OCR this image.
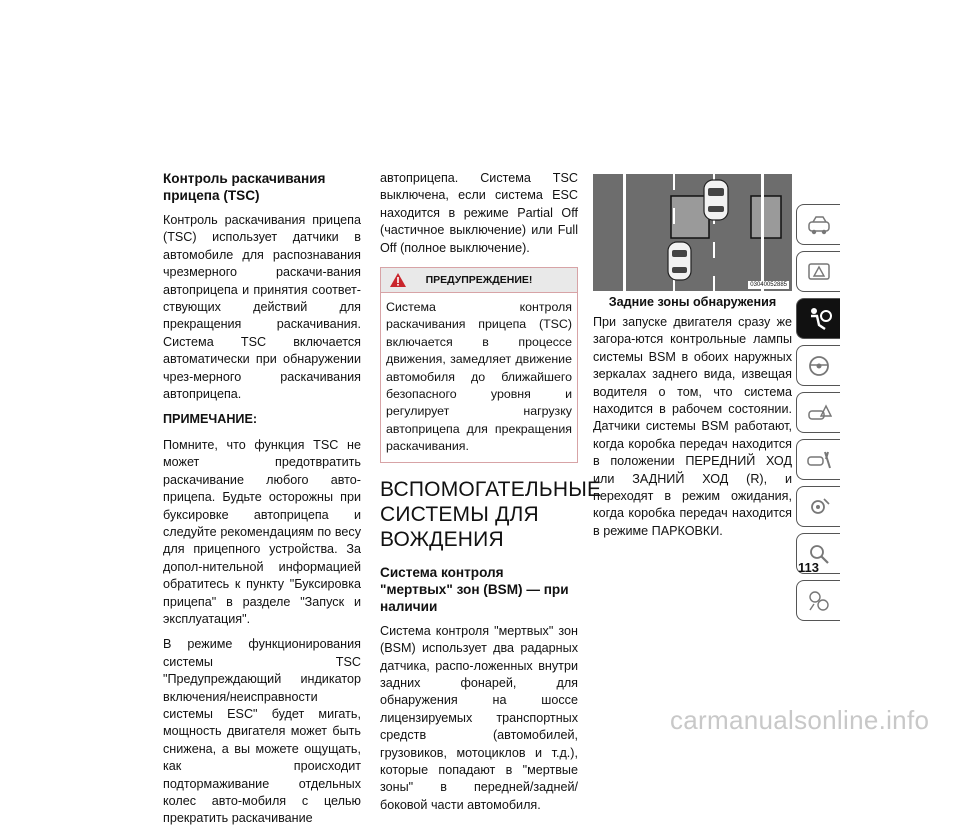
Контроль раскачивания прицепа (TSC)

Контроль раскачивания прицепа (TSC) использует датчики в автомобиле для распознавания чрезмерного раскачи-вания автоприцепа и принятия соответ-ствующих действий для прекращения раскачивания. Система TSC включается автоматически при обнаружении чрез-мерного раскачивания автоприцепа.

ПРИМЕЧАНИЕ:

Помните, что функция TSC не может предотвратить раскачивание любого авто-прицепа. Будьте осторожны при буксировке автоприцепа и следуйте рекомендациям по весу для прицепного устройства. За допол-нительной информацией обратитесь к пункту "Буксировка прицепа" в разделе "Запуск и эксплуатация".

В режиме функционирования системы TSC "Предупреждающий индикатор включения/неисправности системы ESC" будет мигать, мощность двигателя может быть снижена, а вы можете ощущать, как происходит подтормаживание отдельных колес авто-мобиля с целью прекратить раскачивание

автоприцепа. Система TSC выключена, если система ESC находится в режиме Partial Off (частичное выключение) или Full Off (полное выключение).

ПРЕДУПРЕЖДЕНИЕ!
Система контроля раскачивания прицепа (TSC) включается в процессе движения, замедляет движение автомобиля до ближайшего безопасного уровня и регулирует нагрузку автоприцепа для прекращения раскачивания.
ВСПОМОГАТЕЛЬНЫЕ СИСТЕМЫ ДЛЯ ВОЖДЕНИЯ
Система контроля "мертвых" зон (BSM) — при наличии

Система контроля "мертвых" зон (BSM) использует два радарных датчика, распо-ложенных внутри задних фонарей, для обнаружения на шоссе лицензируемых транспортных средств (автомобилей, грузовиков, мотоциклов и т.д.), которые попадают в "мертвые зоны" в передней/задней/боковой части автомобиля.

03040052885
Задние зоны обнаружения

При запуске двигателя сразу же загора-ются контрольные лампы системы BSM в обоих наружных зеркалах заднего вида, извещая водителя о том, что система находится в рабочем состоянии. Датчики системы BSM работают, когда коробка передач находится в положении ПЕРЕДНИЙ ХОД или ЗАДНИЙ ХОД (R), и переходят в режим ожидания, когда коробка передач находится в режиме ПАРКОВКИ.

113
carmanualsonline.info
